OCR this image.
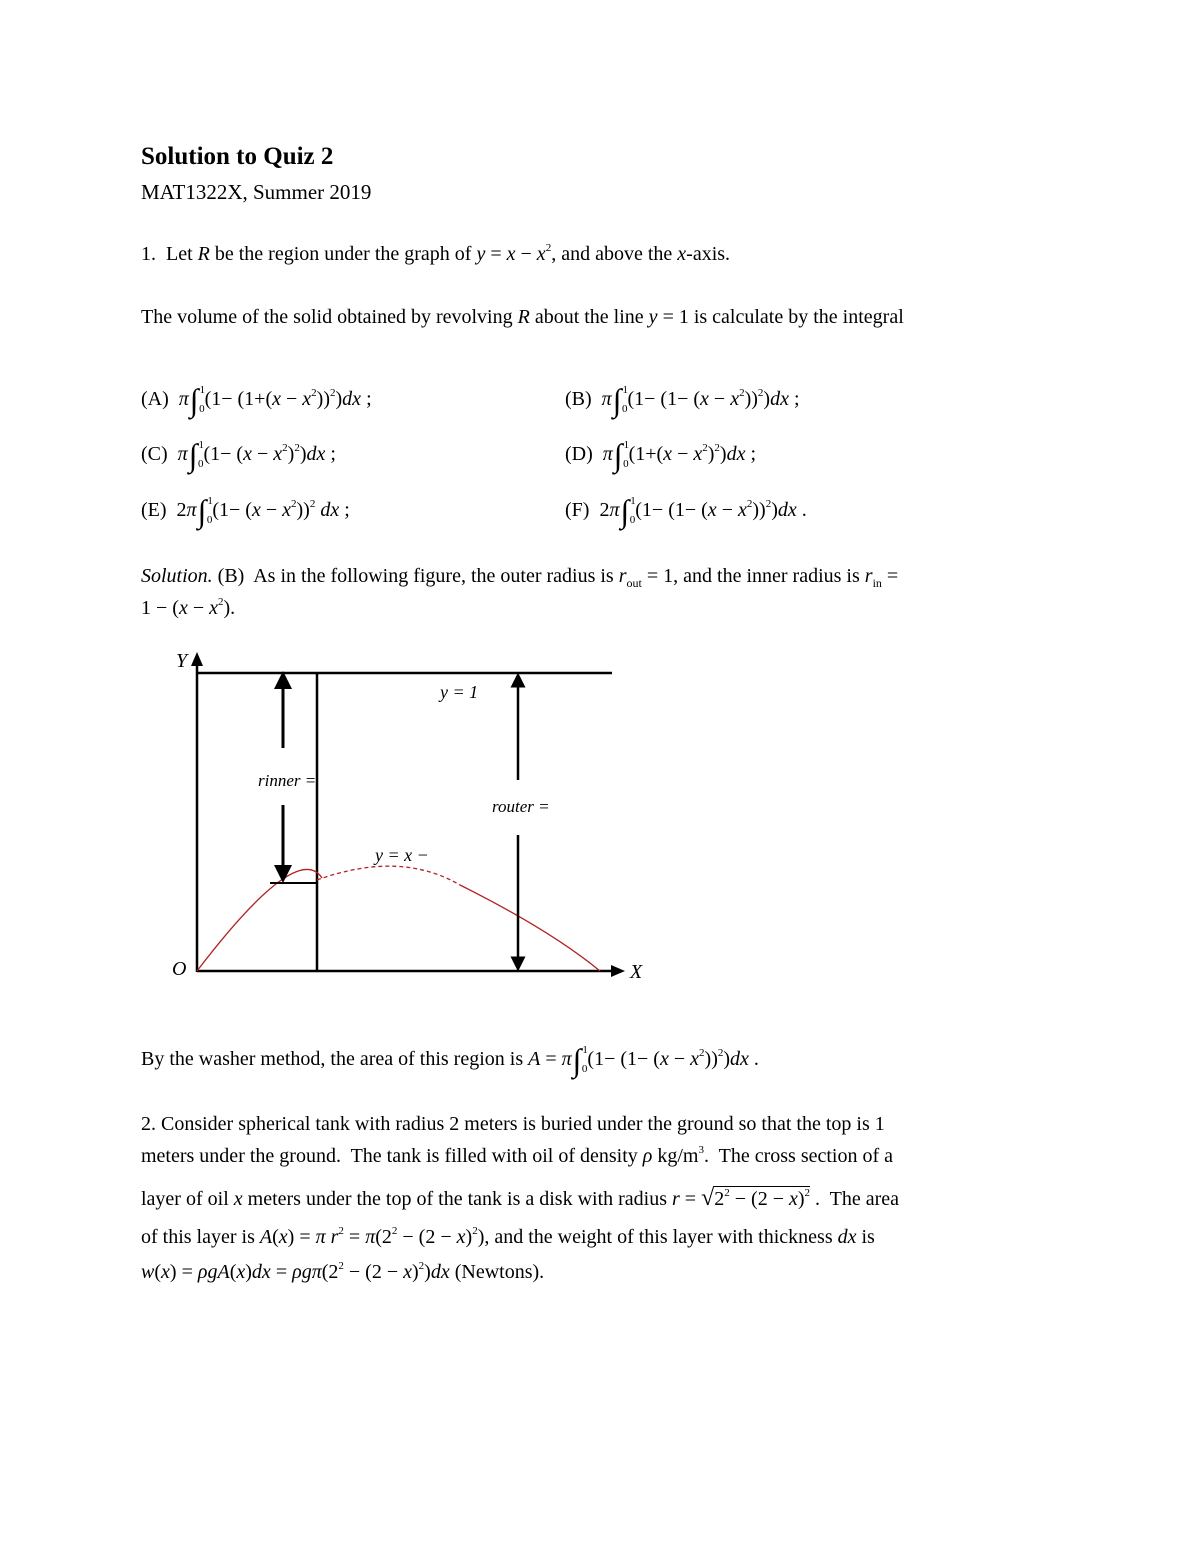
Solution to Quiz 2
MAT1322X, Summer 2019
1.  Let R be the region under the graph of $y = x - x^2$, and above the x-axis.
The volume of the solid obtained by revolving R about the line y = 1 is calculate by the integral
(A)  $\pi\int 10(1- (1+(x - x^2))^2)dx$ ;	(B)  $\pi\int 10(1- (1- (x - x^2))^2)dx$ ;
(C)  $\pi\int 10(1- (x - x^2)^2)dx$ ;	(D)  $\pi\int 10(1+(x - x^2)^2)dx$ ;
(E)  $2\pi\int 10(1- (x - x^2))^2$ dx ;	(F)  $2\pi\int 10(1- (1- (x - x^2))^2)dx$ .
Solution. (B)  As in the following figure, the outer radius is $r_{out} = 1$, and the inner radius is $r_{in}$ =
$1 - (x - x^2)$.
Y
X
O
y = 1
y = x −
rinner =
router =
By the washer method, the area of this region is $A = \pi\int 10(1- (1- (x - x^2))^2)dx$ .
2. Consider spherical tank with radius 2 meters is buried under the ground so that the top is 1
meters under the ground.  The tank is filled with oil of density ρ $kg/m^3$.  The cross section of a
layer of oil x meters under the top of the tank is a disk with radius $r = √2^2 - (2 - x)^2$ .  The area
of this layer is A(x) = π $r^2 = \pi(2^2 - (2 - x)^2)$, and the weight of this layer with thickness dx is
$w(x) = \rho gA(x)dx = \rho g\pi(2^2 - (2 - x)^2)dx$ (Newtons).
